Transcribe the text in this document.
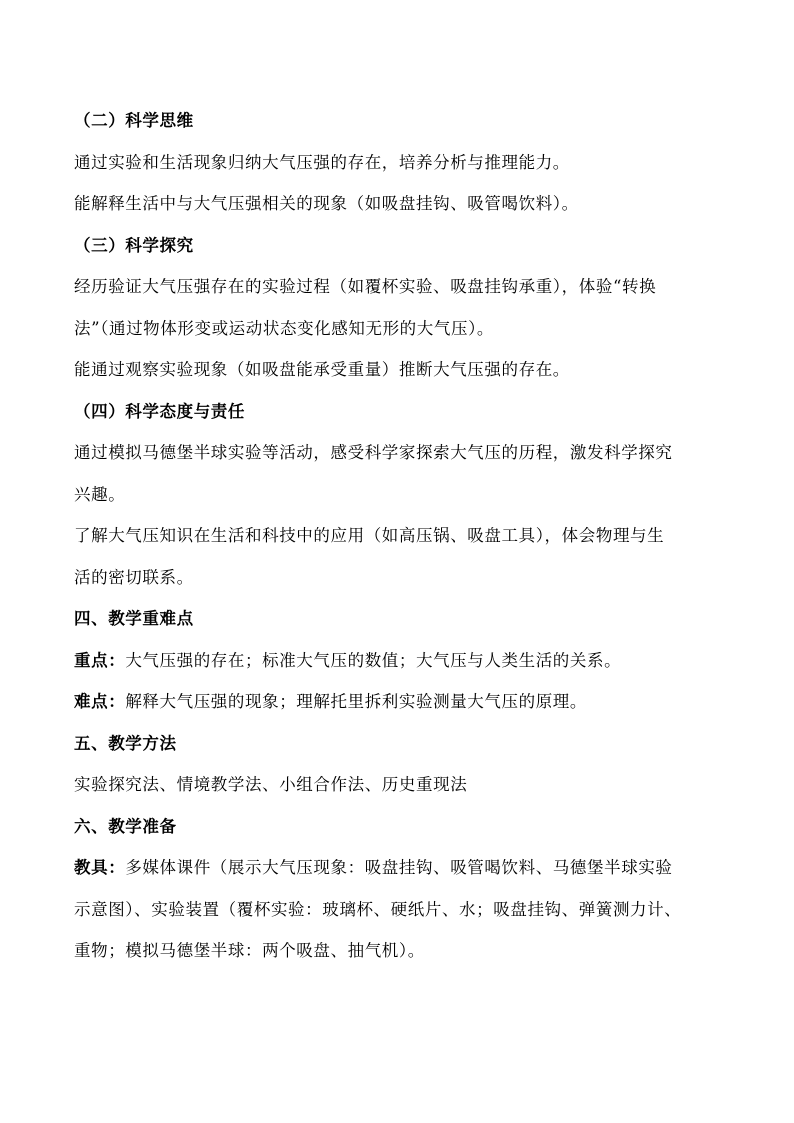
（二）科学思维

通过实验和生活现象归纳大气压强的存在，培养分析与推理能力。

能解释生活中与大气压强相关的现象（如吸盘挂钩、吸管喝饮料）。

（三）科学探究

经历验证大气压强存在的实验过程（如覆杯实验、吸盘挂钩承重），体验“转换

法”（通过物体形变或运动状态变化感知无形的大气压）。

能通过观察实验现象（如吸盘能承受重量）推断大气压强的存在。

（四）科学态度与责任

通过模拟马德堡半球实验等活动，感受科学家探索大气压的历程，激发科学探究

兴趣。

了解大气压知识在生活和科技中的应用（如高压锅、吸盘工具），体会物理与生

活的密切联系。

四、教学重难点

重点：大气压强的存在；标准大气压的数值；大气压与人类生活的关系。

难点：解释大气压强的现象；理解托里拆利实验测量大气压的原理。

五、教学方法

实验探究法、情境教学法、小组合作法、历史重现法

六、教学准备

教具：多媒体课件（展示大气压现象：吸盘挂钩、吸管喝饮料、马德堡半球实验

示意图）、实验装置（覆杯实验：玻璃杯、硬纸片、水；吸盘挂钩、弹簧测力计、

重物；模拟马德堡半球：两个吸盘、抽气机）。
